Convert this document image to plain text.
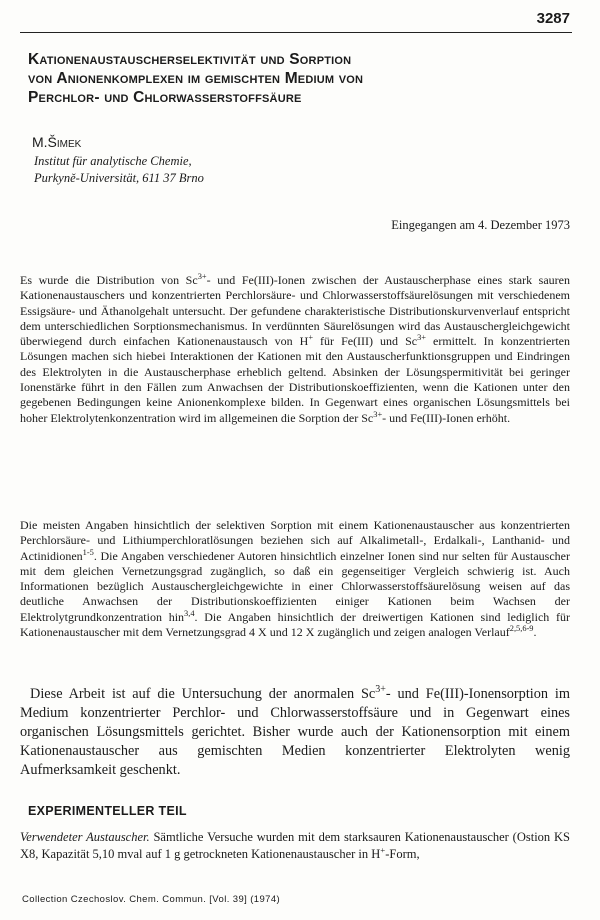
3287
Kationenaustauscherselektivität und Sorption
von Anionenkomplexen im gemischten Medium von
Perchlor- und Chlorwasserstoffsäure
M.Šimek
Institut für analytische Chemie,
Purkyně-Universität, 611 37 Brno
Eingegangen am 4. Dezember 1973
Es wurde die Distribution von $Sc^{3+}-$ und Fe(III)-Ionen zwischen der Austauscherphase eines stark sauren Kationenaustauschers und konzentrierten Perchlorsäure- und Chlorwasserstoffsäurelösungen mit verschiedenem Essigsäure- und Äthanolgehalt untersucht. Der gefundene charakteristische Distributionskurvenverlauf entspricht dem unterschiedlichen Sorptionsmechanismus. In verdünnten Säurelösungen wird das Austauschergleichgewicht überwiegend durch einfachen Kationenaustausch von H+ für Fe(III) und $Sc^{3+}$ ermittelt. In konzentrierten Lösungen machen sich hiebei Interaktionen der Kationen mit den Austauscherfunktionsgruppen und Eindringen des Elektrolyten in die Austauscherphase erheblich geltend. Absinken der Lösungspermitivität bei geringer Ionenstärke führt in den Fällen zum Anwachsen der Distributionskoeffizienten, wenn die Kationen unter den gegebenen Bedingungen keine Anionenkomplexe bilden. In Gegenwart eines organischen Lösungsmittels bei hoher Elektrolytenkonzentration wird im allgemeinen die Sorption der $Sc^{3+}-$ und Fe(III)-Ionen erhöht.
Die meisten Angaben hinsichtlich der selektiven Sorption mit einem Kationenaustauscher aus konzentrierten Perchlorsäure- und Lithiumperchloratlösungen beziehen sich auf Alkalimetall-, Erdalkali-, Lanthanid- und Actinidionen$^{1-5}$. Die Angaben verschiedener Autoren hinsichtlich einzelner Ionen sind nur selten für Austauscher mit dem gleichen Vernetzungsgrad zugänglich, so daß ein gegenseitiger Vergleich schwierig ist. Auch Informationen bezüglich Austauschergleichgewichte in einer Chlorwasserstoffsäurelösung weisen auf das deutliche Anwachsen der Distributionskoeffizienten einiger Kationen beim Wachsen der Elektrolytgrundkonzentration hin$^{3,4}$. Die Angaben hinsichtlich der dreiwertigen Kationen sind lediglich für Kationenaustauscher mit dem Vernetzungsgrad 4 X und 12 X zugänglich und zeigen analogen Verlauf$^{2,5,6-9}$.
Diese Arbeit ist auf die Untersuchung der anormalen $Sc^{3+}-$ und Fe(III)-Ionensorption im Medium konzentrierter Perchlor- und Chlorwasserstoffsäure und in Gegenwart eines organischen Lösungsmittels gerichtet. Bisher wurde auch der Kationensorption mit einem Kationenaustauscher aus gemischten Medien konzentrierter Elektrolyten wenig Aufmerksamkeit geschenkt.
EXPERIMENTELLER TEIL
Verwendeter Austauscher. Sämtliche Versuche wurden mit dem starksauren Kationenaustauscher (Ostion KS X8, Kapazität 5,10 mval auf 1 g getrockneten Kationenaustauscher in H+-Form,
Collection Czechoslov. Chem. Commun. [Vol. 39] (1974)
